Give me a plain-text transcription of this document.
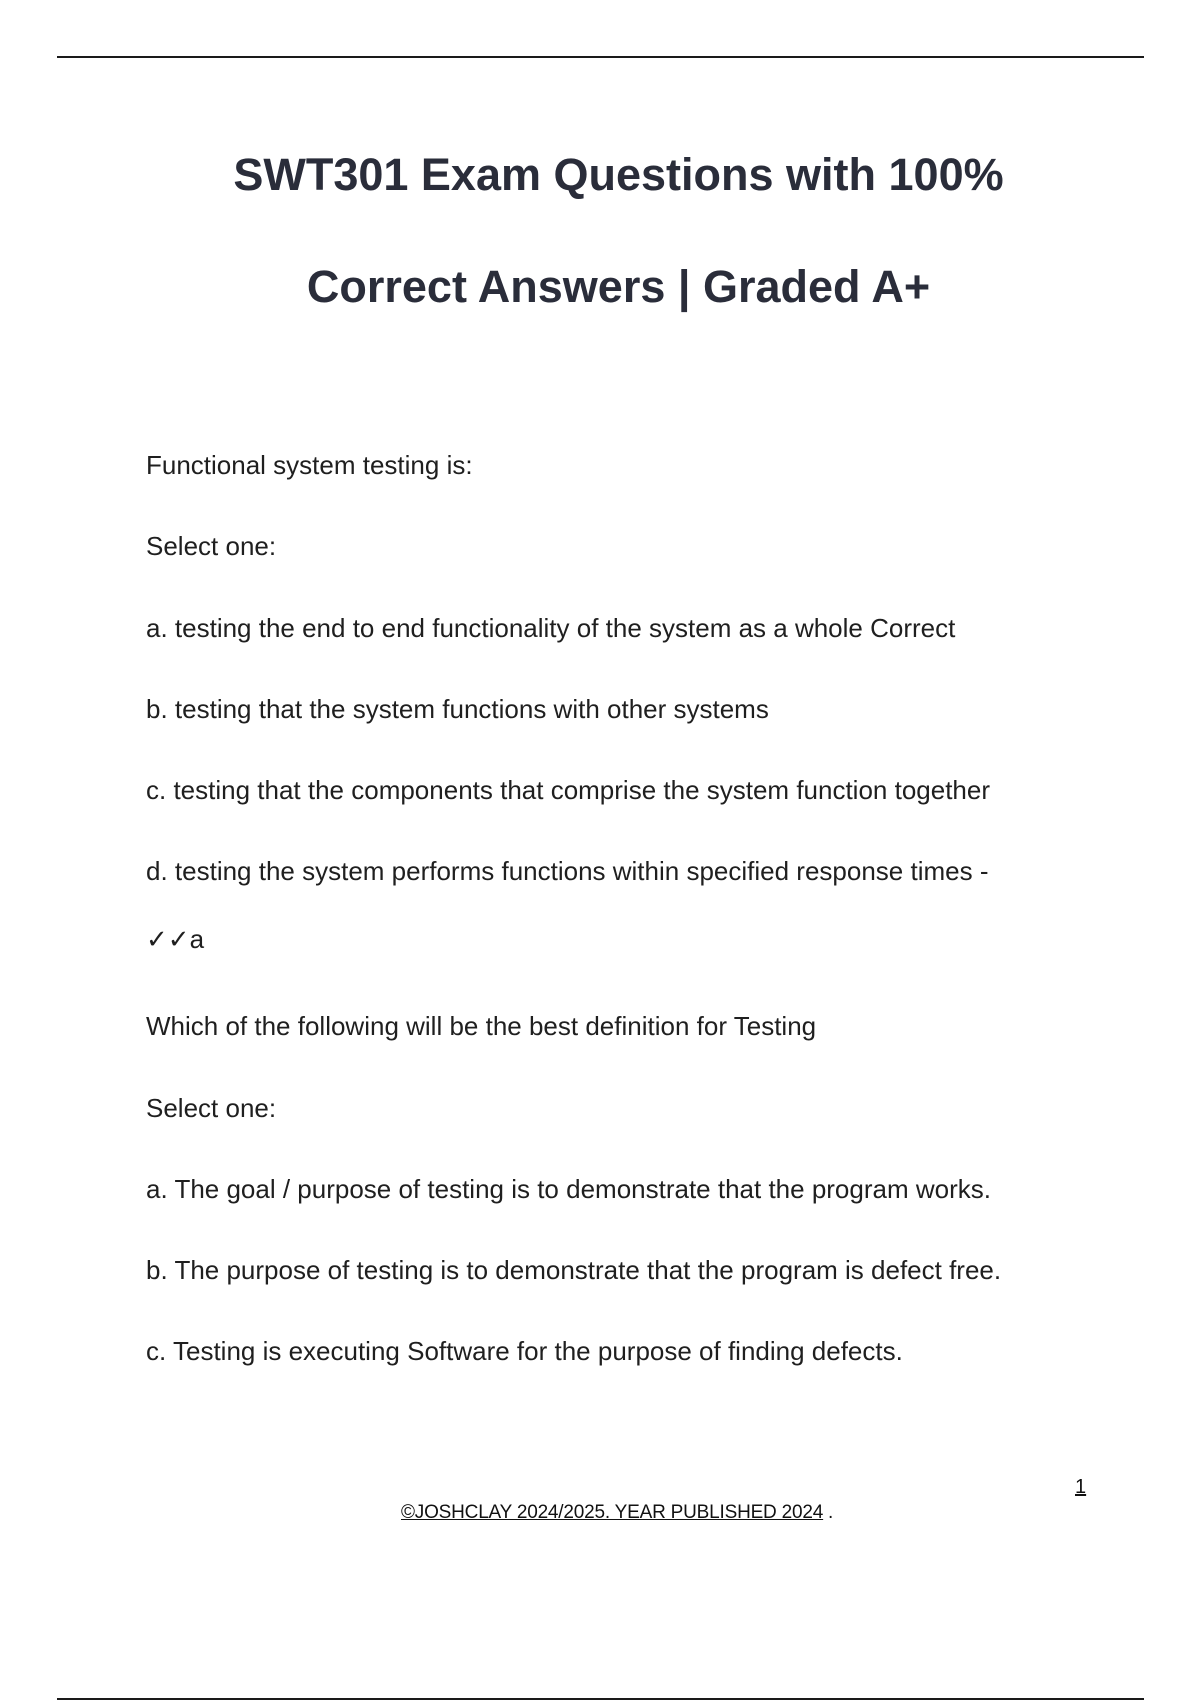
SWT301 Exam Questions with 100%
Correct Answers | Graded A+

Functional system testing is:

Select one:

a. testing the end to end functionality of the system as a whole Correct

b. testing that the system functions with other systems

c. testing that the components that comprise the system function together

d. testing the system performs functions within specified response times -

✓✓a

Which of the following will be the best definition for Testing

Select one:

a. The goal / purpose of testing is to demonstrate that the program works.

b. The purpose of testing is to demonstrate that the program is defect free.

c. Testing is executing Software for the purpose of finding defects.

1
©JOSHCLAY 2024/2025. YEAR PUBLISHED 2024 .
